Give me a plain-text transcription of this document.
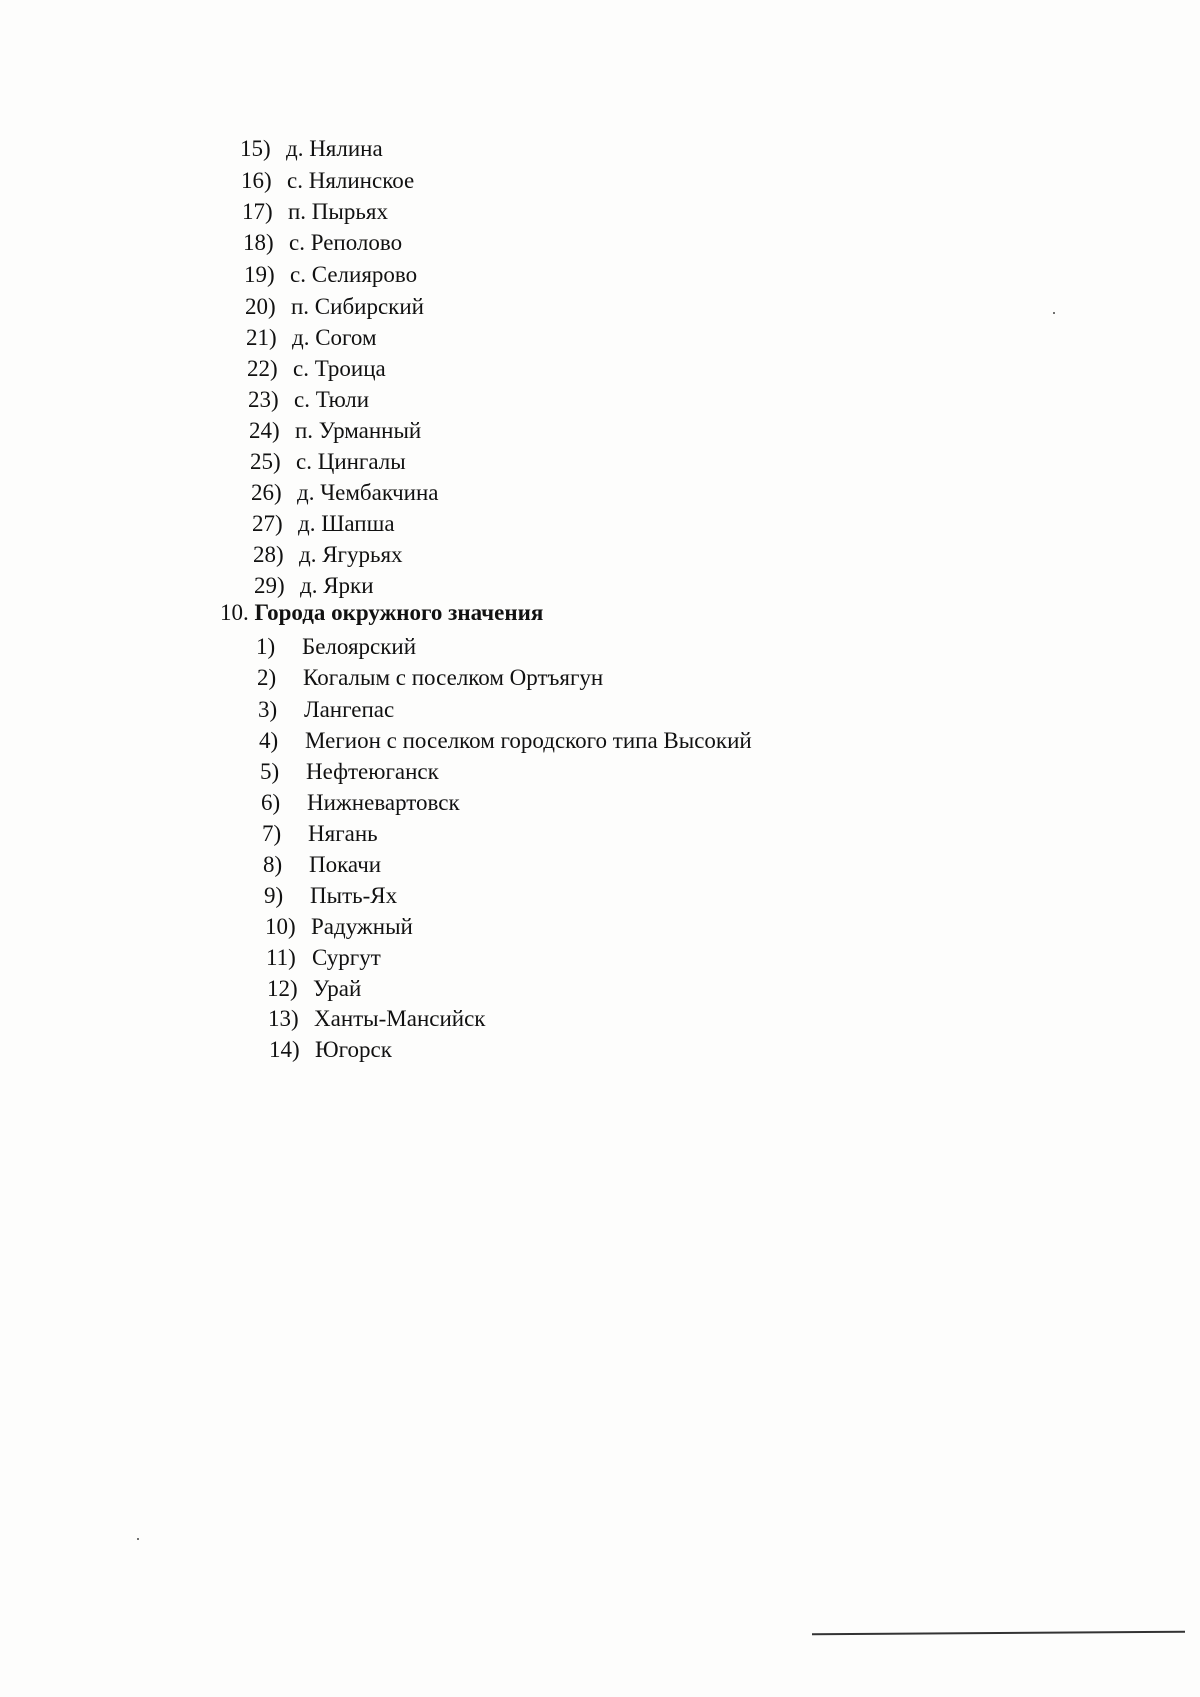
15) д. Нялина
16) с. Нялинское
17) п. Пырьях
18) с. Реполово
19) с. Селиярово
20) п. Сибирский
21) д. Согом
22) с. Троица
23) с. Тюли
24) п. Урманный
25) с. Цингалы
26) д. Чембакчина
27) д. Шапша
28) д. Ягурьях
29) д. Ярки
10. Города окружного значения
1) Белоярский
2) Когалым с поселком Ортъягун
3) Лангепас
4) Мегион с поселком городского типа Высокий
5) Нефтеюганск
6) Нижневартовск
7) Нягань
8) Покачи
9) Пыть-Ях
10) Радужный
11) Сургут
12) Урай
13) Ханты-Мансийск
14) Югорск
